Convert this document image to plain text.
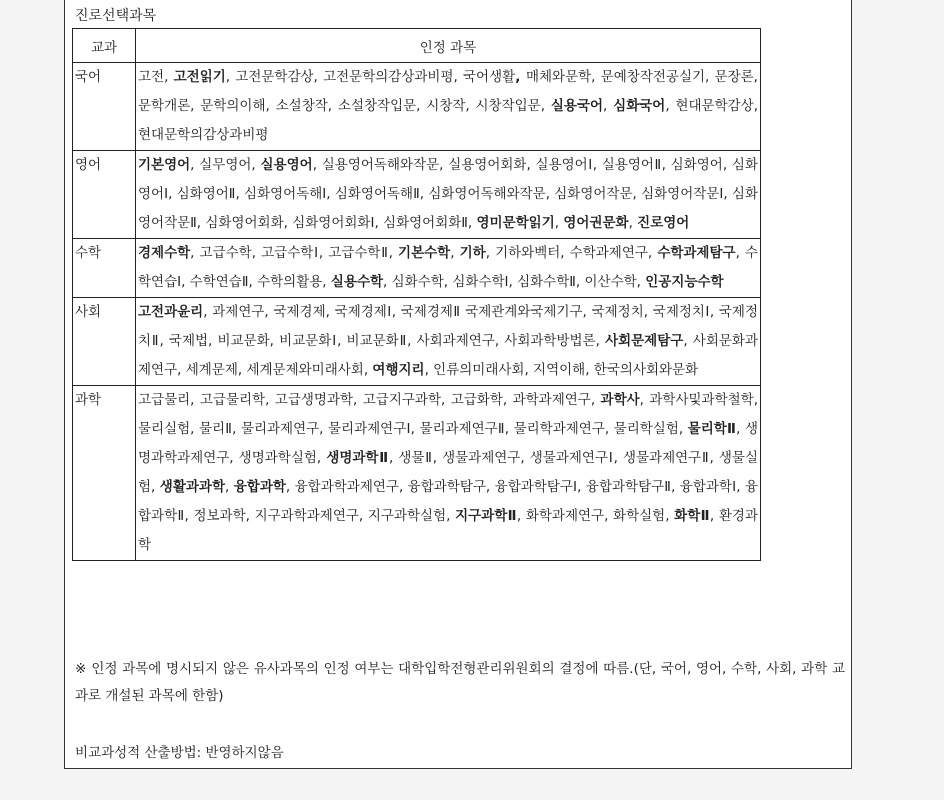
진로선택과목
교과	인정 과목
국어	고전, 고전읽기, 고전문학감상, 고전문학의감상과비평, 국어생활, 매체와문학, 문예창작전공실기, 문장론, 문학개론, 문학의이해, 소설창작, 소설창작입문, 시창작, 시창작입문, 실용국어, 심화국어, 현대문학감상, 현대문학의감상과비평
영어	기본영어, 실무영어, 실용영어, 실용영어독해와작문, 실용영어회화, 실용영어Ⅰ, 실용영어Ⅱ, 심화영어, 심화영어Ⅰ, 심화영어Ⅱ, 심화영어독해Ⅰ, 심화영어독해Ⅱ, 심화영어독해와작문, 심화영어작문, 심화영어작문Ⅰ, 심화영어작문Ⅱ, 심화영어회화, 심화영어회화Ⅰ, 심화영어회화Ⅱ, 영미문학읽기, 영어권문화, 진로영어
수학	경제수학, 고급수학, 고급수학Ⅰ, 고급수학Ⅱ, 기본수학, 기하, 기하와벡터, 수학과제연구, 수학과제탐구, 수학연습Ⅰ, 수학연습Ⅱ, 수학의활용, 실용수학, 심화수학, 심화수학Ⅰ, 심화수학Ⅱ, 이산수학, 인공지능수학
사회	고전과윤리, 과제연구, 국제경제, 국제경제Ⅰ, 국제경제Ⅱ 국제관계와국제기구, 국제정치, 국제정치Ⅰ, 국제정치Ⅱ, 국제법, 비교문화, 비교문화Ⅰ, 비교문화Ⅱ, 사회과제연구, 사회과학방법론, 사회문제탐구, 사회문화과제연구, 세계문제, 세계문제와미래사회, 여행지리, 인류의미래사회, 지역이해, 한국의사회와문화
과학	고급물리, 고급물리학, 고급생명과학, 고급지구과학, 고급화학, 과학과제연구, 과학사, 과학사및과학철학, 물리실험, 물리Ⅱ, 물리과제연구, 물리과제연구Ⅰ, 물리과제연구Ⅱ, 물리학과제연구, 물리학실험, 물리학Ⅱ, 생명과학과제연구, 생명과학실험, 생명과학Ⅱ, 생물Ⅱ, 생물과제연구, 생물과제연구Ⅰ, 생물과제연구Ⅱ, 생물실험, 생활과과학, 융합과학, 융합과학과제연구, 융합과학탐구, 융합과학탐구Ⅰ, 융합과학탐구Ⅱ, 융합과학Ⅰ, 융합과학Ⅱ, 정보과학, 지구과학과제연구, 지구과학실험, 지구과학Ⅱ, 화학과제연구, 화학실험, 화학Ⅱ, 환경과학
※ 인정 과목에 명시되지 않은 유사과목의 인정 여부는 대학입학전형관리위원회의 결정에 따름.(단, 국어, 영어, 수학, 사회, 과학 교과로 개설된 과목에 한함)
비교과성적 산출방법: 반영하지않음
